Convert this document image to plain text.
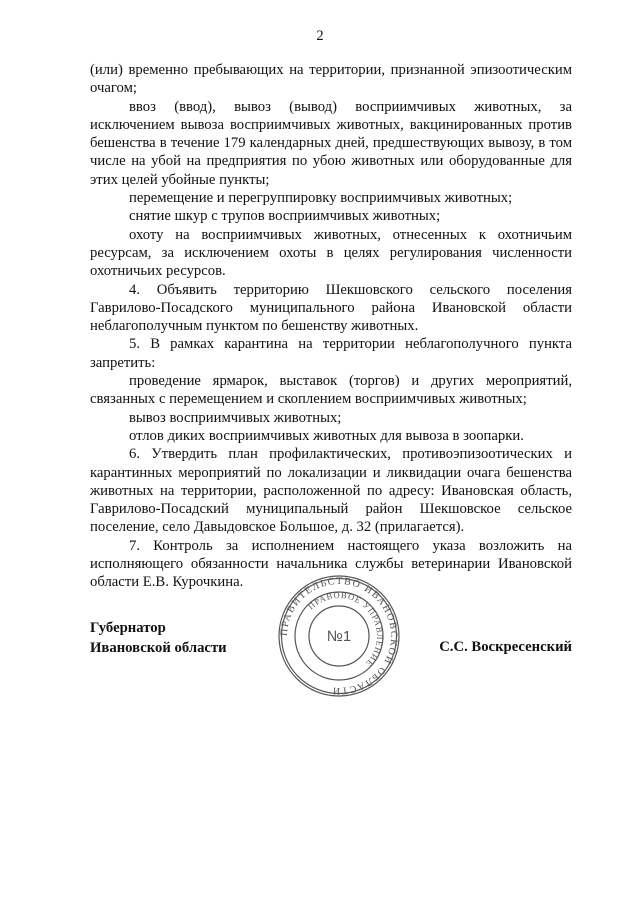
2

(или) временно пребывающих на территории, признанной эпизоотическим очагом;

ввоз (ввод), вывоз (вывод) восприимчивых животных, за исключением вывоза восприимчивых животных, вакцинированных против бешенства в течение 179 календарных дней, предшествующих вывозу, в том числе на убой на предприятия по убою животных или оборудованные для этих целей убойные пункты;

перемещение и перегруппировку восприимчивых животных;

снятие шкур с трупов восприимчивых животных;

охоту на восприимчивых животных, отнесенных к охотничьим ресурсам, за исключением охоты в целях регулирования численности охотничьих ресурсов.

4. Объявить территорию Шекшовского сельского поселения Гаврилово-Посадского муниципального района Ивановской области неблагополучным пунктом по бешенству животных.

5. В рамках карантина на территории неблагополучного пункта запретить:

проведение ярмарок, выставок (торгов) и других мероприятий, связанных с перемещением и скоплением восприимчивых животных;

вывоз восприимчивых животных;

отлов диких восприимчивых животных для вывоза в зоопарки.

6. Утвердить план профилактических, противоэпизоотических и карантинных мероприятий по локализации и ликвидации очага бешенства животных на территории, расположенной по адресу: Ивановская область, Гаврилово-Посадский муниципальный район Шекшовское сельское поселение, село Давыдовское Большое, д. 32 (прилагается).

7. Контроль за исполнением настоящего указа возложить на исполняющего обязанности начальника службы ветеринарии Ивановской области Е.В. Курочкина.

Губернатор
Ивановской области
ПРАВИТЕЛЬСТВО ИВАНОВСКОЙ ОБЛАСТИ
ПРАВОВОЕ УПРАВЛЕНИЕ
№1
С.С. Воскресенский
